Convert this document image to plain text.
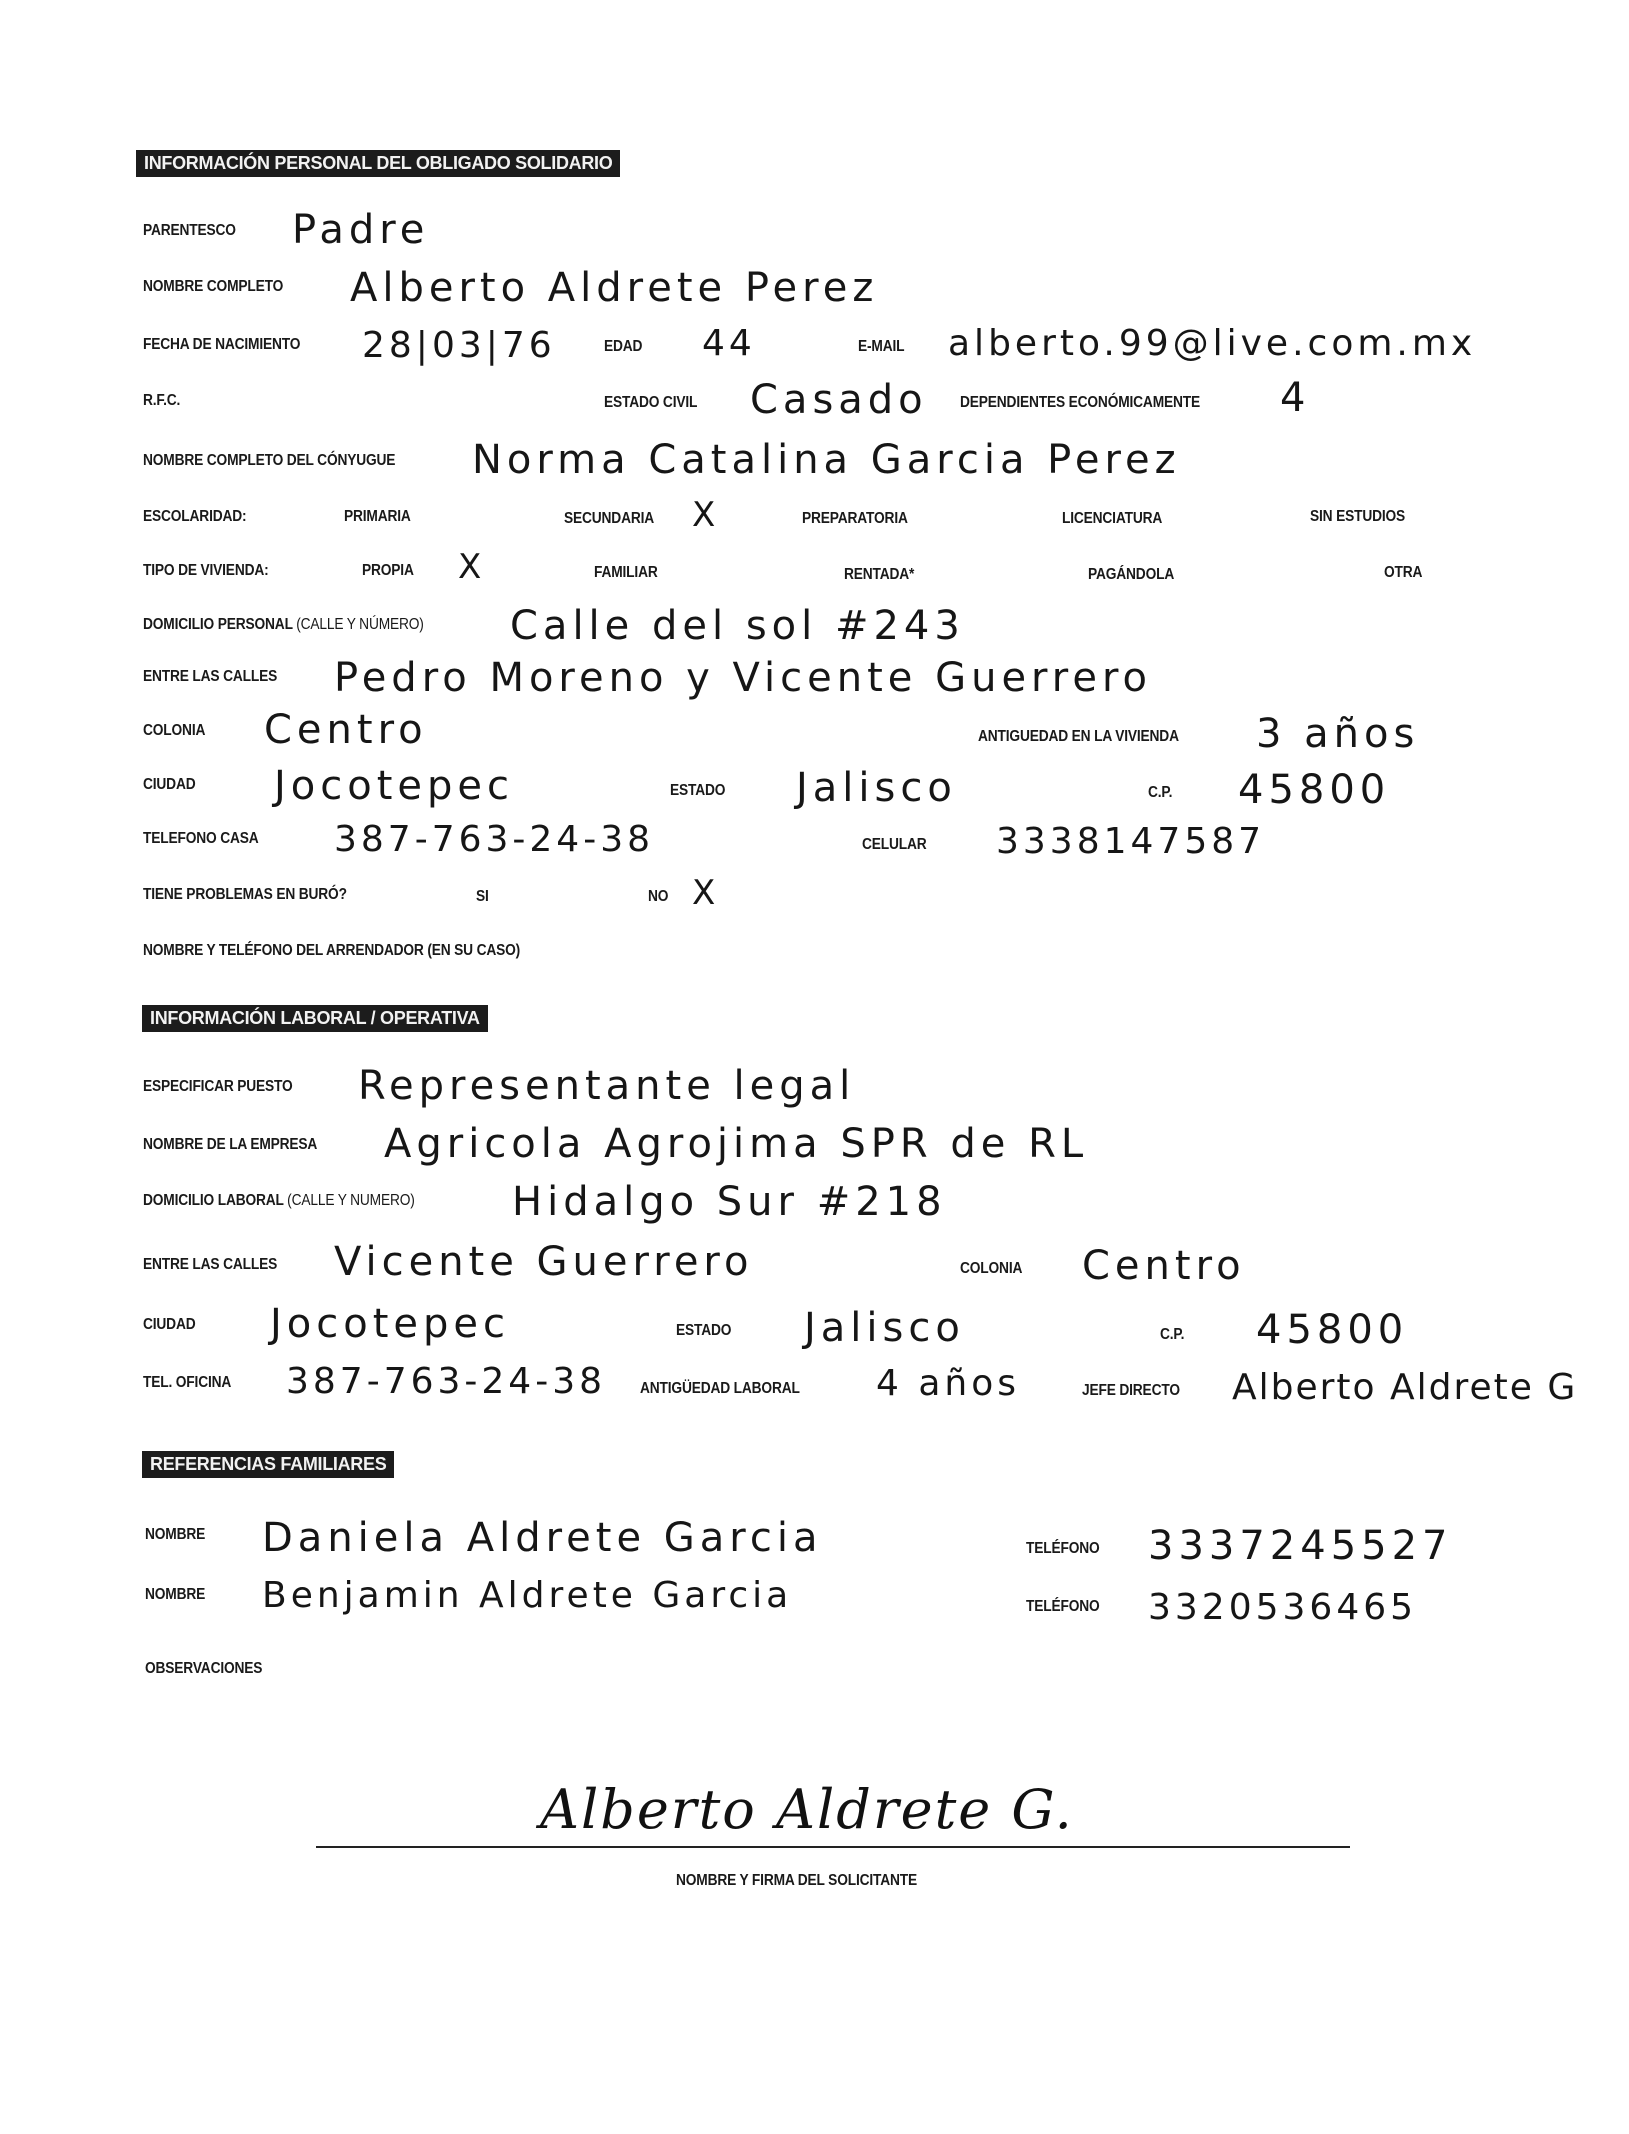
INFORMACIÓN PERSONAL DEL OBLIGADO SOLIDARIO
PARENTESCO Padre
NOMBRE COMPLETO Alberto Aldrete Perez
FECHA DE NACIMIENTO 28|03|76	EDAD 44	E-MAIL alberto.99@live.com.mx
R.F.C.	ESTADO CIVIL Casado DEPENDIENTES ECONÓMICAMENTE 4
NOMBRE COMPLETO DEL CÓNYUGUE Norma Catalina Garcia Perez
ESCOLARIDAD:	PRIMARIA	SECUNDARIA X	PREPARATORIA	LICENCIATURA	SIN ESTUDIOS
TIPO DE VIVIENDA:	PROPIA X	FAMILIAR	RENTADA*	PAGÁNDOLA	OTRA
DOMICILIO PERSONAL (CALLE Y NÚMERO) Calle del sol #243
ENTRE LAS CALLES Pedro Moreno y Vicente Guerrero
COLONIA Centro	ANTIGUEDAD EN LA VIVIENDA 3 años
CIUDAD Jocotepec	ESTADO Jalisco	C.P. 45800
TELEFONO CASA 387-763-24-38	CELULAR 3338147587
TIENE PROBLEMAS EN BURÓ?	SI	NO X
NOMBRE Y TELÉFONO DEL ARRENDADOR (EN SU CASO)
INFORMACIÓN LABORAL / OPERATIVA
ESPECIFICAR PUESTO Representante legal
NOMBRE DE LA EMPRESA Agricola Agrojima SPR de RL
DOMICILIO LABORAL (CALLE Y NUMERO) Hidalgo Sur #218
ENTRE LAS CALLES Vicente Guerrero	COLONIA Centro
CIUDAD Jocotepec	ESTADO Jalisco	C.P. 45800
TEL. OFICINA 387-763-24-38 ANTIGÜEDAD LABORAL 4 años	JEFE DIRECTO Alberto Aldrete G
REFERENCIAS FAMILIARES
NOMBRE Daniela Aldrete Garcia	TELÉFONO 3337245527
NOMBRE Benjamin Aldrete Garcia	TELÉFONO 3320536465
OBSERVACIONES
Alberto Aldrete G.
NOMBRE Y FIRMA DEL SOLICITANTE
